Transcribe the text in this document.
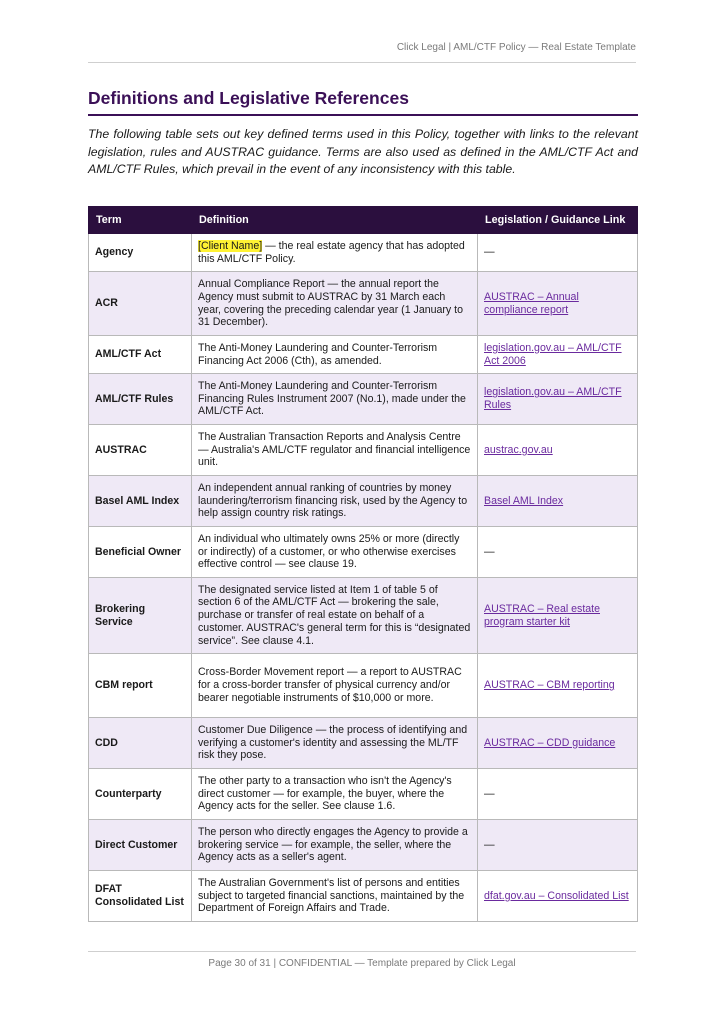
Click Legal | AML/CTF Policy — Real Estate Template
Definitions and Legislative References

The following table sets out key defined terms used in this Policy, together with links to the relevant legislation, rules and AUSTRAC guidance. Terms are also used as defined in the AML/CTF Act and AML/CTF Rules, which prevail in the event of any inconsistency with this table.

Term	Definition	Legislation / Guidance Link
Agency	[Client Name] — the real estate agency that has adopted this AML/CTF Policy.	—
ACR	Annual Compliance Report — the annual report the Agency must submit to AUSTRAC by 31 March each year, covering the preceding calendar year (1 January to 31 December).	AUSTRAC – Annual compliance report
AML/CTF Act	The Anti-Money Laundering and Counter-Terrorism Financing Act 2006 (Cth), as amended.	legislation.gov.au – AML/CTF Act 2006
AML/CTF Rules	The Anti-Money Laundering and Counter-Terrorism Financing Rules Instrument 2007 (No.1), made under the AML/CTF Act.	legislation.gov.au – AML/CTF Rules
AUSTRAC	The Australian Transaction Reports and Analysis Centre — Australia's AML/CTF regulator and financial intelligence unit.	austrac.gov.au
Basel AML Index	An independent annual ranking of countries by money laundering/terrorism financing risk, used by the Agency to help assign country risk ratings.	Basel AML Index
Beneficial Owner	An individual who ultimately owns 25% or more (directly or indirectly) of a customer, or who otherwise exercises effective control — see clause 19.	—
Brokering Service	The designated service listed at Item 1 of table 5 of section 6 of the AML/CTF Act — brokering the sale, purchase or transfer of real estate on behalf of a customer. AUSTRAC's general term for this is “designated service”. See clause 4.1.	AUSTRAC – Real estate program starter kit
CBM report	Cross-Border Movement report — a report to AUSTRAC for a cross-border transfer of physical currency and/or bearer negotiable instruments of $10,000 or more.	AUSTRAC – CBM reporting
CDD	Customer Due Diligence — the process of identifying and verifying a customer's identity and assessing the ML/TF risk they pose.	AUSTRAC – CDD guidance
Counterparty	The other party to a transaction who isn't the Agency's direct customer — for example, the buyer, where the Agency acts for the seller. See clause 1.6.	—
Direct Customer	The person who directly engages the Agency to provide a brokering service — for example, the seller, where the Agency acts as a seller's agent.	—
DFAT Consolidated List	The Australian Government's list of persons and entities subject to targeted financial sanctions, maintained by the Department of Foreign Affairs and Trade.	dfat.gov.au – Consolidated List
Page 30 of 31 | CONFIDENTIAL — Template prepared by Click Legal
